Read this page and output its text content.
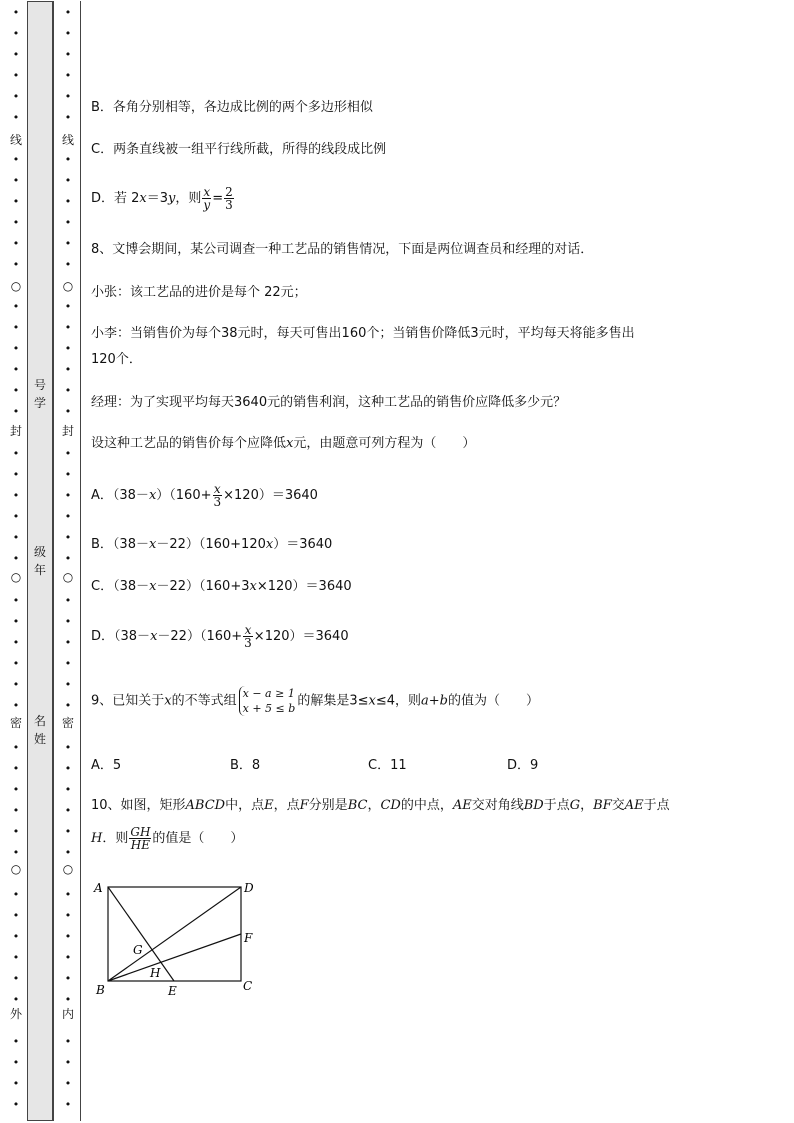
•
•
•
•
•
•
•
•
•
•
•
•
•
•
•
•
•
•
•
•
•
•
•
•
•
•
•
•
•
•
•
•
•
•
•
•
•
•
•
•
•
•
•
•
•
•
线
○
封
○
密
○
外
•
•
•
•
•
•
•
•
•
•
•
•
•
•
•
•
•
•
•
•
•
•
•
•
•
•
•
•
•
•
•
•
•
•
•
•
•
•
•
•
•
•
•
•
•
•
线
○
封
○
密
○
内
号
学
级
年
名
姓
B．各角分别相等，各边成比例的两个多边形相似
C．两条直线被一组平行线所截，所得的线段成比例
D．若 2x＝3y，则 $\frac{x}{y} = \frac{2}{3}$
8、文博会期间，某公司调查一种工艺品的销售情况，下面是两位调查员和经理的对话．
小张：该工艺品的进价是每个 22元；
小李：当销售价为每个38元时，每天可售出160个；当销售价降低3元时，平均每天将能多售出
120个．
经理：为了实现平均每天3640元的销售利润，这种工艺品的销售价应降低多少元？
设这种工艺品的销售价每个应降低x元，由题意可列方程为（　　）
A．$(38-x)(160+ \frac{x}{3} \times 120)=3640$
B．（38－x－22）（160+120x）＝3640
C．（38－x－22）（160+3x×120）＝3640
D．$(38-x-22)(160+ \frac{x}{3} \times 120)=3640$
9、已知关于x的不等式组 x − a ≥ 1
x + 5 ≤ b 的解集是3≤x≤4，则a+b的值为（　　）
A．5	B．8	C．11	D．9
10、如图，矩形ABCD中，点E，点F分别是BC，CD的中点，AE交对角线BD于点G，BF交AE于点
H．则 $\frac{GH}{HE}$ 的值是（　　）
A	D
F
G
H
B	E	C
